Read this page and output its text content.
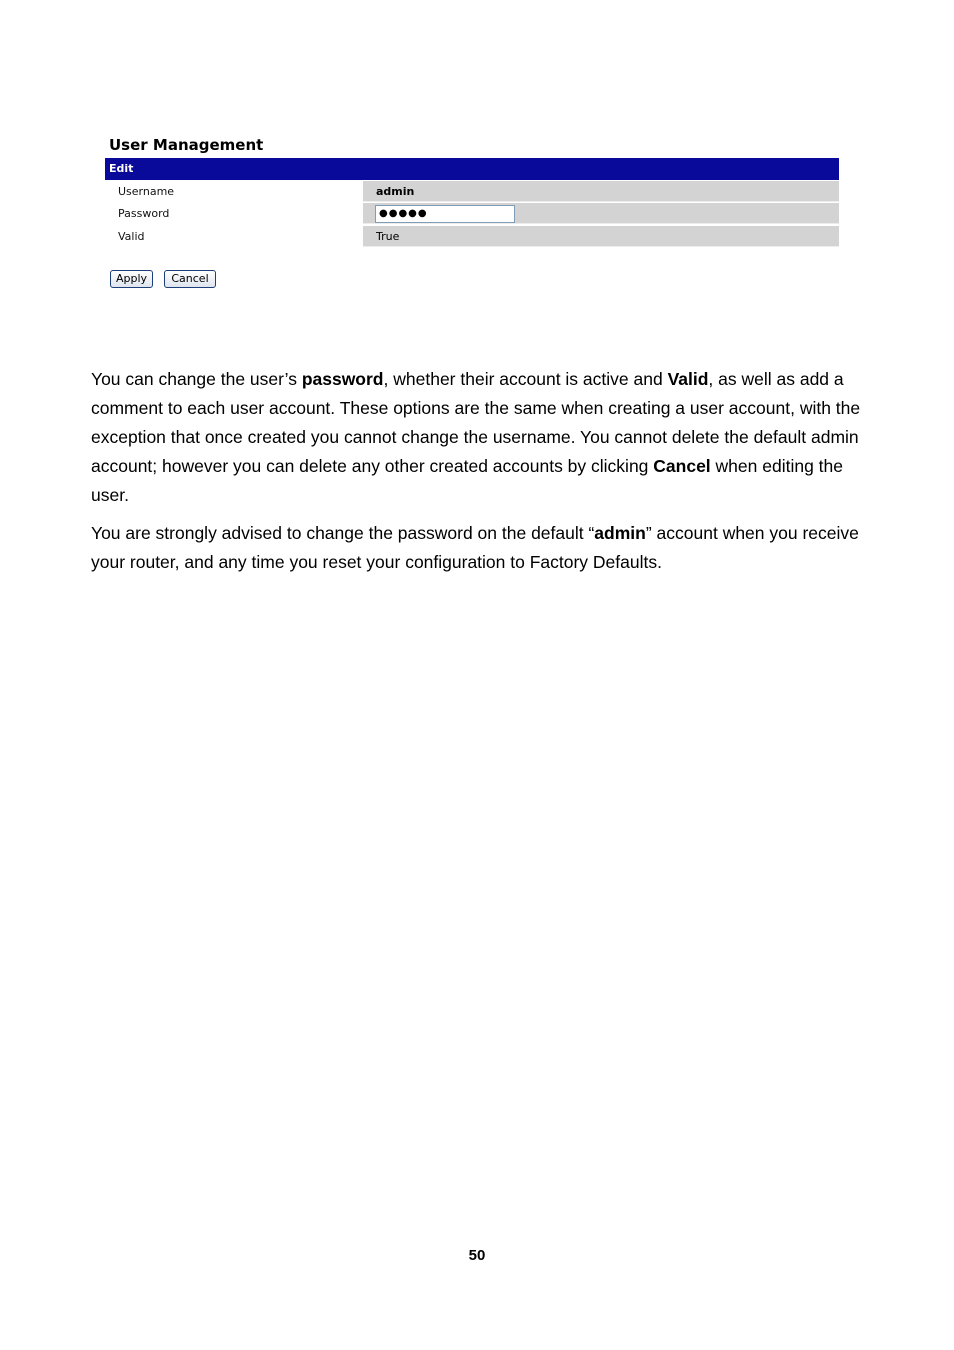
User Management
Edit
Username	admin
Password	●●●●●
Valid	True
Apply	Cancel

You can change the user’s password, whether their account is active and Valid, as well as add a comment to each user account. These options are the same when creating a user account, with the exception that once created you cannot change the username. You cannot delete the default admin account; however you can delete any other created accounts by clicking Cancel when editing the user.

You are strongly advised to change the password on the default “admin” account when you receive your router, and any time you reset your configuration to Factory Defaults.

50
